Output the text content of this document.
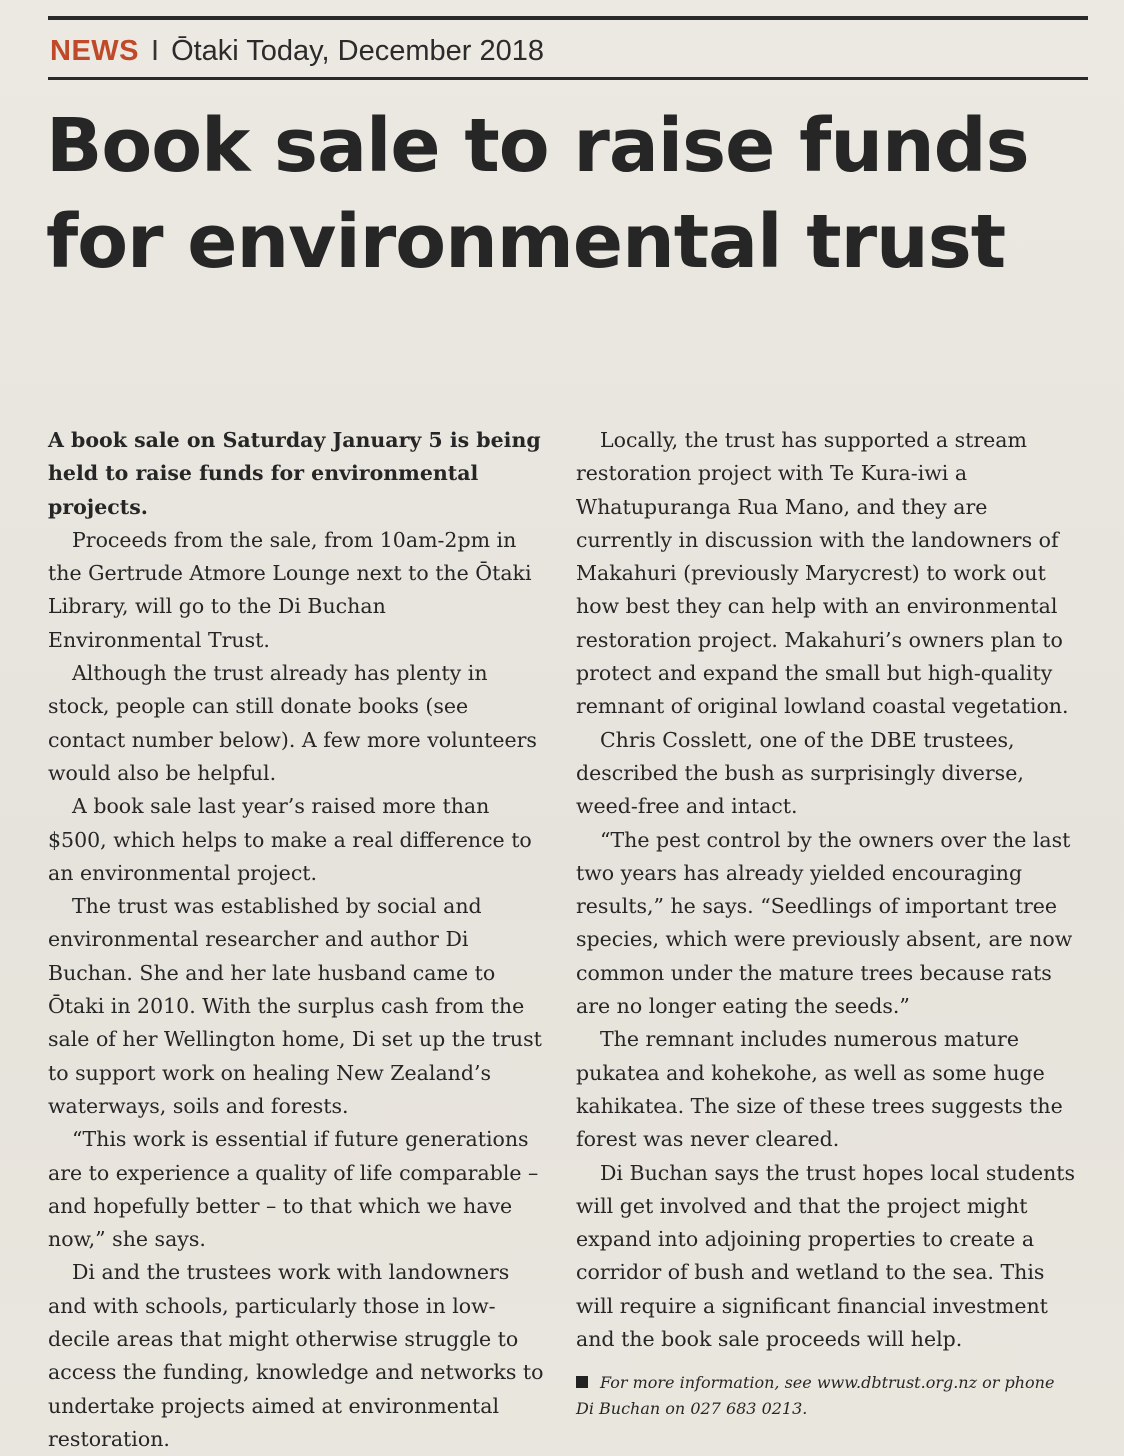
NEWS I Ōtaki Today, December 2018
Book sale to raise funds for environmental trust

A book sale on Saturday January 5 is being held to raise funds for environmental projects.

Proceeds from the sale, from 10am-2pm in the Gertrude Atmore Lounge next to the Ōtaki Library, will go to the Di Buchan Environmental Trust.

Although the trust already has plenty in stock, people can still donate books (see contact number below). A few more volunteers would also be helpful.

A book sale last year’s raised more than $500, which helps to make a real difference to an environmental project.

The trust was established by social and environmental researcher and author Di Buchan. She and her late husband came to Ōtaki in 2010. With the surplus cash from the sale of her Wellington home, Di set up the trust to support work on healing New Zealand’s waterways, soils and forests.

“This work is essential if future generations are to experience a quality of life comparable – and hopefully better – to that which we have now,” she says.

Di and the trustees work with landowners and with schools, particularly those in low-decile areas that might otherwise struggle to access the funding, knowledge and networks to undertake projects aimed at environmental restoration.

Locally, the trust has supported a stream restoration project with Te Kura-iwi a Whatupuranga Rua Mano, and they are currently in discussion with the landowners of Makahuri (previously Marycrest) to work out how best they can help with an environmental restoration project. Makahuri’s owners plan to protect and expand the small but high-quality remnant of original lowland coastal vegetation.

Chris Cosslett, one of the DBE trustees, described the bush as surprisingly diverse, weed-free and intact.

“The pest control by the owners over the last two years has already yielded encouraging results,” he says. “Seedlings of important tree species, which were previously absent, are now common under the mature trees because rats are no longer eating the seeds.”

The remnant includes numerous mature pukatea and kohekohe, as well as some huge kahikatea. The size of these trees suggests the forest was never cleared.

Di Buchan says the trust hopes local students will get involved and that the project might expand into adjoining properties to create a corridor of bush and wetland to the sea. This will require a significant financial investment and the book sale proceeds will help.

For more information, see www.dbtrust.org.nz or phone Di Buchan on 027 683 0213.
